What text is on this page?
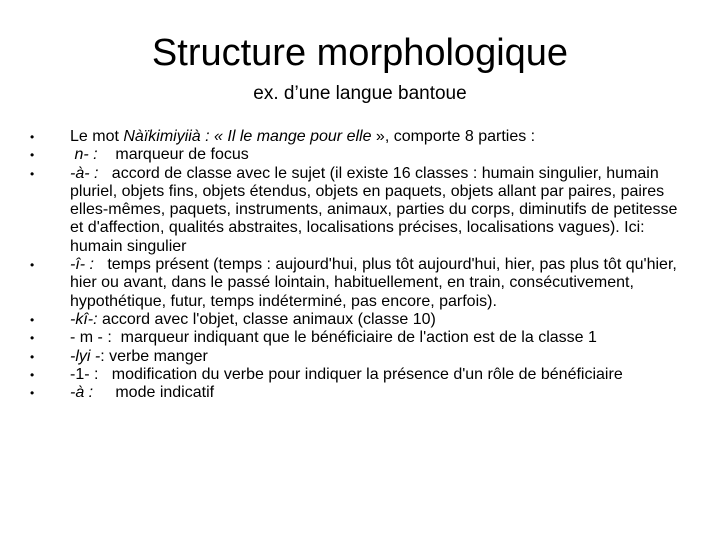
Structure morphologique
ex. d’une langue bantoue
• Le mot Nàïkimiyiià : « Il le mange pour elle », comporte 8 parties :
• n- :    marqueur de focus
• -à- :   accord de classe avec le sujet (il existe 16 classes : humain singulier, humain pluriel, objets fins, objets étendus, objets en paquets, objets allant par paires, paires elles-mêmes, paquets, instruments, animaux, parties du corps, diminutifs de petitesse et d'affection, qualités abstraites, localisations précises, localisations vagues). Ici: humain singulier
• -î- :   temps présent (temps : aujourd'hui, plus tôt aujourd'hui, hier, pas plus tôt qu'hier, hier ou avant, dans le passé lointain, habituellement, en train, consécutivement, hypothétique, futur, temps indéterminé, pas encore, parfois).
• -kî-: accord avec l'objet, classe animaux (classe 10)
• - m - :  marqueur indiquant que le bénéficiaire de l'action est de la classe 1
• -lyi -: verbe manger
• -1- :   modification du verbe pour indiquer la présence d'un rôle de bénéficiaire
• -à :     mode indicatif
